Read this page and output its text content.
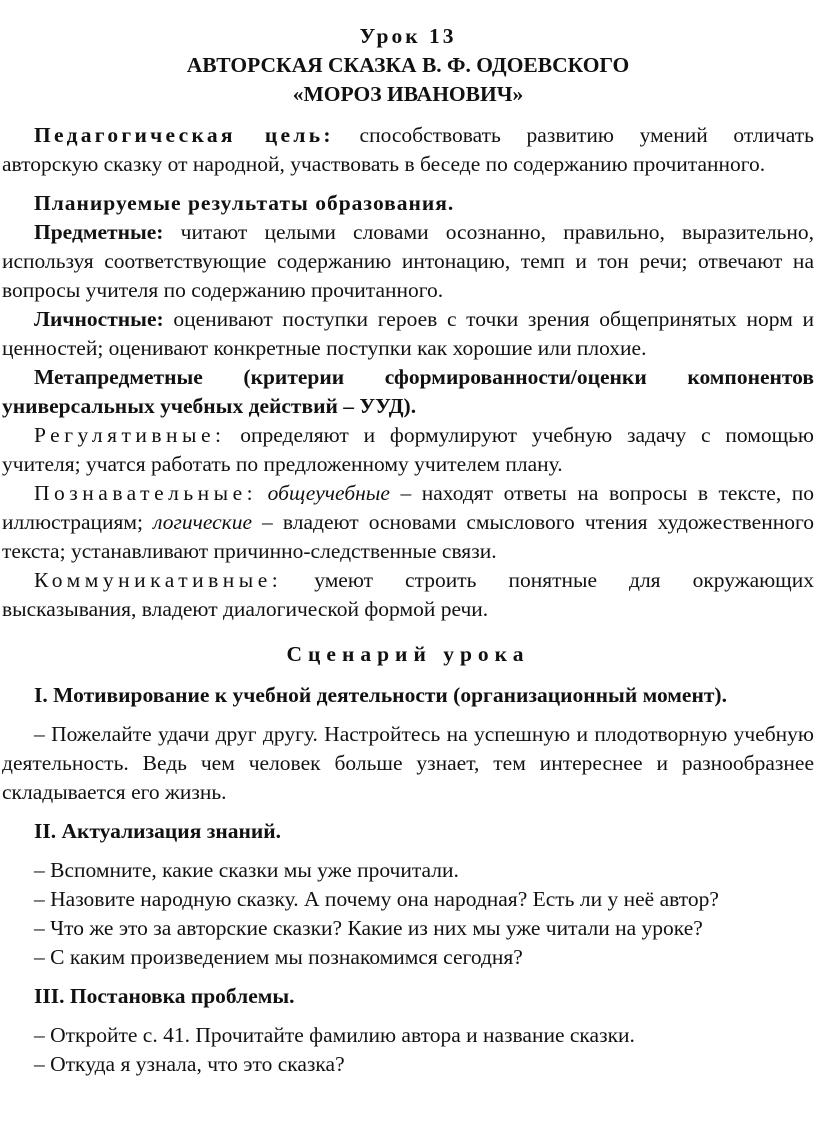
Урок 13
АВТОРСКАЯ СКАЗКА В. Ф. ОДОЕВСКОГО
«МОРОЗ ИВАНОВИЧ»

Педагогическая цель: способствовать развитию умений отличать авторскую сказку от народной, участвовать в беседе по содержанию прочитанного.

Планируемые результаты образования.

Предметные: читают целыми словами осознанно, правильно, выразительно, используя соответствующие содержанию интонацию, темп и тон речи; отвечают на вопросы учителя по содержанию прочитанного.

Личностные: оценивают поступки героев с точки зрения общепринятых норм и ценностей; оценивают конкретные поступки как хорошие или плохие.

Метапредметные (критерии сформированности/оценки компонентов универсальных учебных действий – УУД).

Регулятивные: определяют и формулируют учебную задачу с помощью учителя; учатся работать по предложенному учителем плану.

Познавательные: общеучебные – находят ответы на вопросы в тексте, по иллюстрациям; логические – владеют основами смыслового чтения художественного текста; устанавливают причинно-следственные связи.

Коммуникативные: умеют строить понятные для окружающих высказывания, владеют диалогической формой речи.

Сценарий урока

I. Мотивирование к учебной деятельности (организационный момент).

– Пожелайте удачи друг другу. Настройтесь на успешную и плодотворную учебную деятельность. Ведь чем человек больше узнает, тем интереснее и разнообразнее складывается его жизнь.

II. Актуализация знаний.

– Вспомните, какие сказки мы уже прочитали.

– Назовите народную сказку. А почему она народная? Есть ли у неё автор?

– Что же это за авторские сказки? Какие из них мы уже читали на уроке?

– С каким произведением мы познакомимся сегодня?

III. Постановка проблемы.

– Откройте с. 41. Прочитайте фамилию автора и название сказки.

– Откуда я узнала, что это сказка?
